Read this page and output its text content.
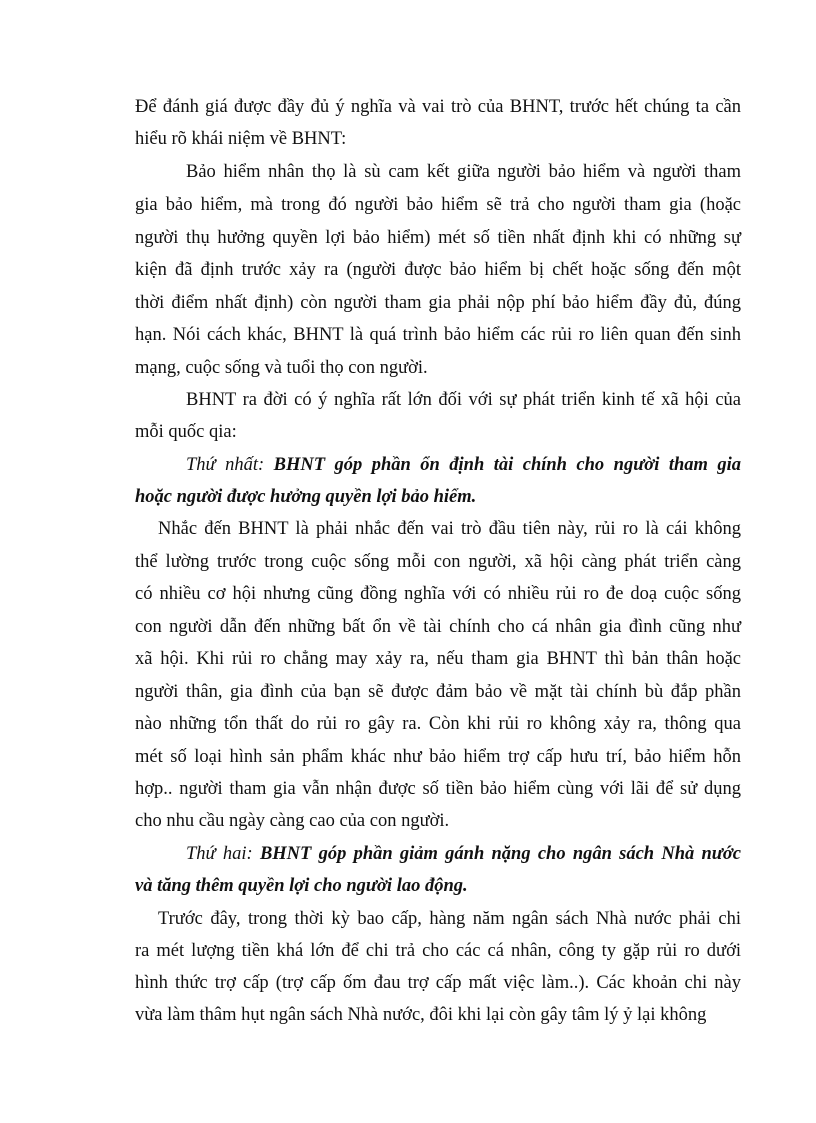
Để đánh giá được đầy đủ ý nghĩa và vai trò của BHNT, trước hết chúng ta cần
hiểu rõ khái niệm về BHNT:
Bảo hiểm nhân thọ là sù cam kết giữa người bảo hiểm và người tham
gia bảo hiểm, mà trong đó người bảo hiểm sẽ trả cho người tham gia (hoặc
người thụ hưởng quyền lợi bảo hiểm) mét số tiền nhất định khi có những sự
kiện đã định trước xảy ra (người được bảo hiểm bị chết hoặc sống đến một
thời điểm nhất định) còn người tham gia phải nộp phí bảo hiểm đầy đủ, đúng
hạn. Nói cách khác, BHNT là quá trình bảo hiểm các rủi ro liên quan đến sinh
mạng, cuộc sống và tuổi thọ con người.
BHNT ra đời có ý nghĩa rất lớn đối với sự phát triển kinh tế xã hội của
mỗi quốc qia:
Thứ nhất: BHNT góp phần ổn định tài chính cho người tham gia
hoặc người được hưởng quyền lợi bảo hiểm.
Nhắc đến BHNT là phải nhắc đến vai trò đầu tiên này, rủi ro là cái không
thể lường trước trong cuộc sống mỗi con người, xã hội càng phát triển càng
có nhiều cơ hội nhưng cũng đồng nghĩa với có nhiều rủi ro đe doạ cuộc sống
con người dẫn đến những bất ổn về tài chính cho cá nhân gia đình cũng như
xã hội. Khi rủi ro chẳng may xảy ra, nếu tham gia BHNT thì bản thân hoặc
người thân, gia đình của bạn sẽ được đảm bảo về mặt tài chính bù đắp phần
nào những tổn thất do rủi ro gây ra. Còn khi rủi ro không xảy ra, thông qua
mét số loại hình sản phẩm khác như bảo hiểm trợ cấp hưu trí, bảo hiểm hỗn
hợp.. người tham gia vẫn nhận được số tiền bảo hiểm cùng với lãi để sử dụng
cho nhu cầu ngày càng cao của con người.
Thứ hai: BHNT góp phần giảm gánh nặng cho ngân sách Nhà nước
và tăng thêm quyền lợi cho người lao động.
Trước đây, trong thời kỳ bao cấp, hàng năm ngân sách Nhà nước phải chi
ra mét lượng tiền khá lớn để chi trả cho các cá nhân, công ty gặp rủi ro dưới
hình thức trợ cấp (trợ cấp ốm đau trợ cấp mất việc làm..). Các khoản chi này
vừa làm thâm hụt ngân sách Nhà nước, đôi khi lại còn gây tâm lý ỷ lại không
